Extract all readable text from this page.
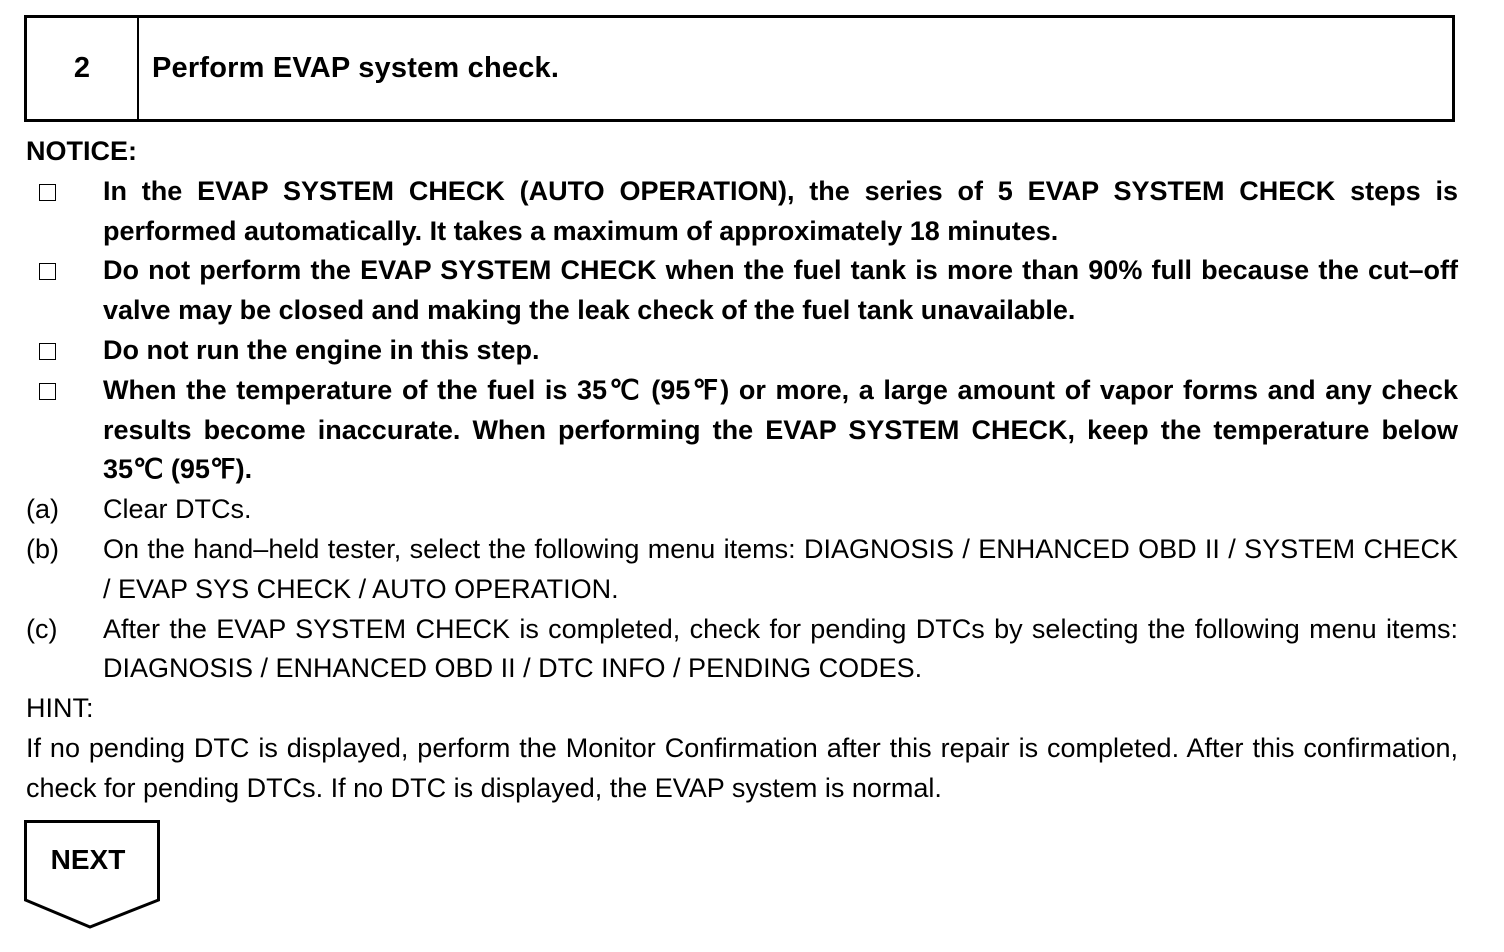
2	Perform EVAP system check.
NOTICE:
In the EVAP SYSTEM CHECK (AUTO OPERATION), the series of 5 EVAP SYSTEM CHECK steps is performed automatically. It takes a maximum of approximately 18 minutes.
Do not perform the EVAP SYSTEM CHECK when the fuel tank is more than 90% full because the cut–off valve may be closed and making the leak check of the fuel tank unavailable.
Do not run the engine in this step.
When the temperature of the fuel is 35℃ (95℉) or more, a large amount of vapor forms and any check results become inaccurate. When performing the EVAP SYSTEM CHECK, keep the temperature below 35℃ (95℉).
(a)	Clear DTCs.
(b)	On the hand–held tester, select the following menu items: DIAGNOSIS / ENHANCED OBD II / SYSTEM CHECK / EVAP SYS CHECK / AUTO OPERATION.
(c)	After the EVAP SYSTEM CHECK is completed, check for pending DTCs by selecting the following menu items: DIAGNOSIS / ENHANCED OBD II / DTC INFO / PENDING CODES.
HINT:
If no pending DTC is displayed, perform the Monitor Confirmation after this repair is completed. After this confirmation, check for pending DTCs. If no DTC is displayed, the EVAP system is normal.
NEXT
